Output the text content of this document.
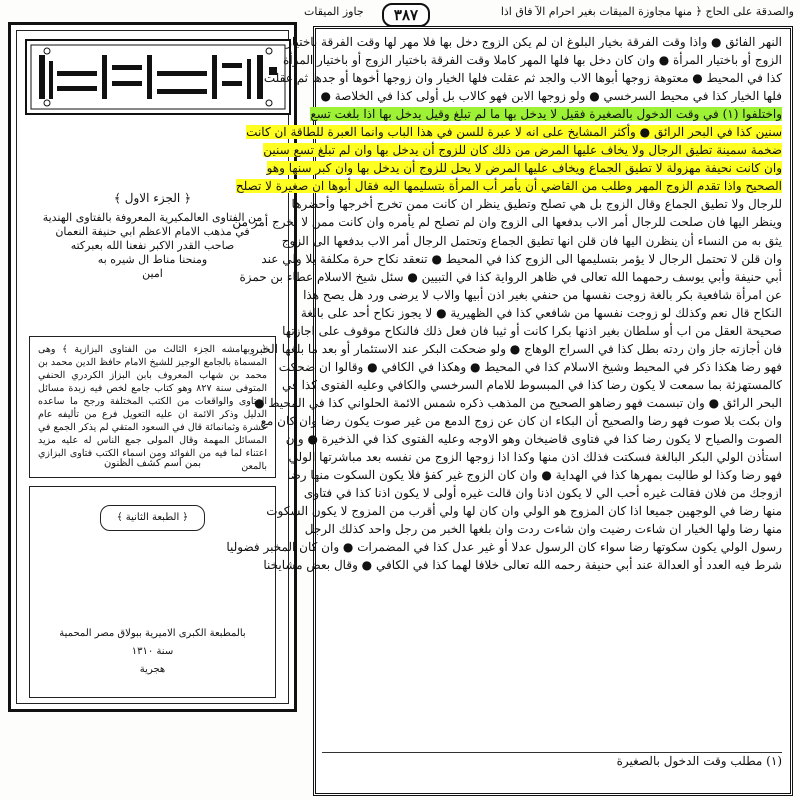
﴿ الجزء الاول ﴾
من الفتاوى العالمكيرية المعروفة بالفتاوى الهندية
في مذهب الامام الاعظم ابي حنيفة النعمان
صاحب القدر الاكبر نفعنا الله بعبركته
ومنحنا مناط ال شيره به
امين

﴿ وبهامشه الجزء الثالث من الفتاوى البزازية ﴾ وهى المسماة بالجامع الوجيز للشيخ الامام حافظ الدين محمد بن محمد بن شهاب المعروف بابن البزاز الكردري الحنفي المتوفى سنة ٨٢٧ وهو كتاب جامع لخص فيه زبدة مسائل الفتاوى والواقعات من الكتب المختلفة ورجح ما ساعده الدليل وذكر الائمة ان عليه التعويل فرع من تأليفه عام عشرة وثمانمائة قال في السعود المتقي لم يذكر الجمع في المسائل المهمة وقال المولى جمع الناس له عليه مزيد اعتناء لما فيه من الفوائد ومن اسماء الكتب فتاوى البزازي بالمعن

بمن اسم كشف الظنون
﴿ الطبعة الثانية ﴾
بالمطبعة الكبرى الاميرية ببولاق مصر المحمية
سنة ١٣١٠
هجرية
والصدقة على الحاج ﴿ منها مجاوزة الميقات بغير احرام الآ فاق اذا
٣٨٧
جاوز الميقات
النهر الفائق ● واذا وقت الفرقة بخيار البلوغ ان لم يكن الزوج دخل بها فلا مهر لها وقت الفرقة باختيار
الزوج أو باختيار المرأة ● وان كان دخل بها فلها المهر كاملا وقت الفرقة باختيار الزوج أو باختيار المرأة
كذا في المحيط ● معتوهة زوجها أبوها الاب والجد ثم عقلت فلها الخيار وان زوجها أخوها أو جدها ثم عقلت
فلها الخيار كذا في محيط السرخسي ● ولو زوجها الابن فهو كالاب بل أولى كذا في الخلاصة ●
واختلفوا (١) في وقت الدخول بالصغيرة فقيل لا يدخل بها ما لم تبلغ وقيل يدخل بها اذا بلغت تسع
سنين كذا في البحر الرائق ● وأكثر المشايخ على انه لا عبرة للسن في هذا الباب وانما العبرة للطاقة ان كانت
ضخمة سمينة تطيق الرجال ولا يخاف عليها المرض من ذلك كان للزوج أن يدخل بها وان لم تبلغ تسع سنين
وان كانت نحيفة مهزولة لا تطيق الجماع ويخاف عليها المرض لا يحل للزوج أن يدخل بها وان كبر سنها وهو
الصحيح واذا تقدم الزوج المهر وطلب من القاضي أن يأمر أب المرأة بتسليمها اليه فقال أبوها ان صغيرة لا تصلح
للرجال ولا تطيق الجماع وقال الزوج بل هي تصلح وتطيق ينظر ان كانت ممن تخرج أخرجها وأحضرها
وينظر اليها فان صلحت للرجال أمر الاب بدفعها الى الزوج وان لم تصلح لم يأمره وان كانت ممن لا تخرج أمر من
يثق به من النساء أن ينظرن اليها فان قلن انها تطيق الجماع وتحتمل الرجال أمر الاب بدفعها الى الزوج
وان قلن لا تحتمل الرجال لا يؤمر بتسليمها الى الزوج كذا في المحيط ● تنعقد نكاح حرة مكلفة بلا ولي عند
أبي حنيفة وأبي يوسف رحمهما الله تعالى في ظاهر الرواية كذا في التبيين ● سئل شيخ الاسلام عطاء بن حمزة
عن امرأة شافعية بكر بالغة زوجت نفسها من حنفي بغير اذن أبيها والاب لا يرضى ورد هل يصح هذا
النكاح قال نعم وكذلك لو زوجت نفسها من شافعي كذا في الظهيرية ● لا يجوز نكاح أحد على بالغة
صحيحة العقل من اب أو سلطان بغير اذنها بكرا كانت أو ثيبا فان فعل ذلك فالنكاح موقوف على اجازتها
فان أجازته جاز وان ردته بطل كذا في السراج الوهاج ● ولو ضحكت البكر عند الاستئمار أو بعد ما بلغها الخبر
فهو رضا هكذا ذكر في المحيط وشيخ الاسلام كذا في المحيط ● وهكذا في الكافي ● وقالوا ان ضحكت
كالمستهزئة بما سمعت لا يكون رضا كذا في المبسوط للامام السرخسي والكافي وعليه الفتوى كذا في
البحر الرائق ● وان تبسمت فهو رضاهو الصحيح من المذهب ذكره شمس الائمة الحلواني كذا في المحيط ●
وان بكت بلا صوت فهو رضا والصحيح أن البكاء ان كان عن زوج الدمع من غير صوت يكون رضا وان كان مع
الصوت والصياح لا يكون رضا كذا في فتاوى قاضيخان وهو الاوجه وعليه الفتوى كذا في الذخيرة ● وان
استأذن الولي البكر البالغة فسكتت فذلك اذن منها وكذا اذا زوجها الزوج من نفسه بعد مباشرتها الولي
فهو رضا وكذا لو طالبت بمهرها كذا في الهداية ● وان كان الزوج غير كفؤ فلا يكون السكوت منها رضا
ازوجك من فلان فقالت غيره أحب الي لا يكون اذنا وان قالت غيره أولى لا يكون اذنا كذا في فتاوى
منها رضا في الوجهين جميعا اذا كان المزوج هو الولي وان كان لها ولي أقرب من المزوج لا يكون السكوت
منها رضا ولها الخيار ان شاءت رضيت وان شاءت ردت وان بلغها الخبر من رجل واحد كذلك الرجل
رسول الولي يكون سكوتها رضا سواء كان الرسول عدلا أو غير عدل كذا في المضمرات ● وان كان المخبر فضوليا
شرط فيه العدد أو العدالة عند أبي حنيفة رحمه الله تعالى خلافا لهما كذا في الكافي ● وقال بعض مشايخنا
(١) مطلب وقت الدخول بالصغيرة
